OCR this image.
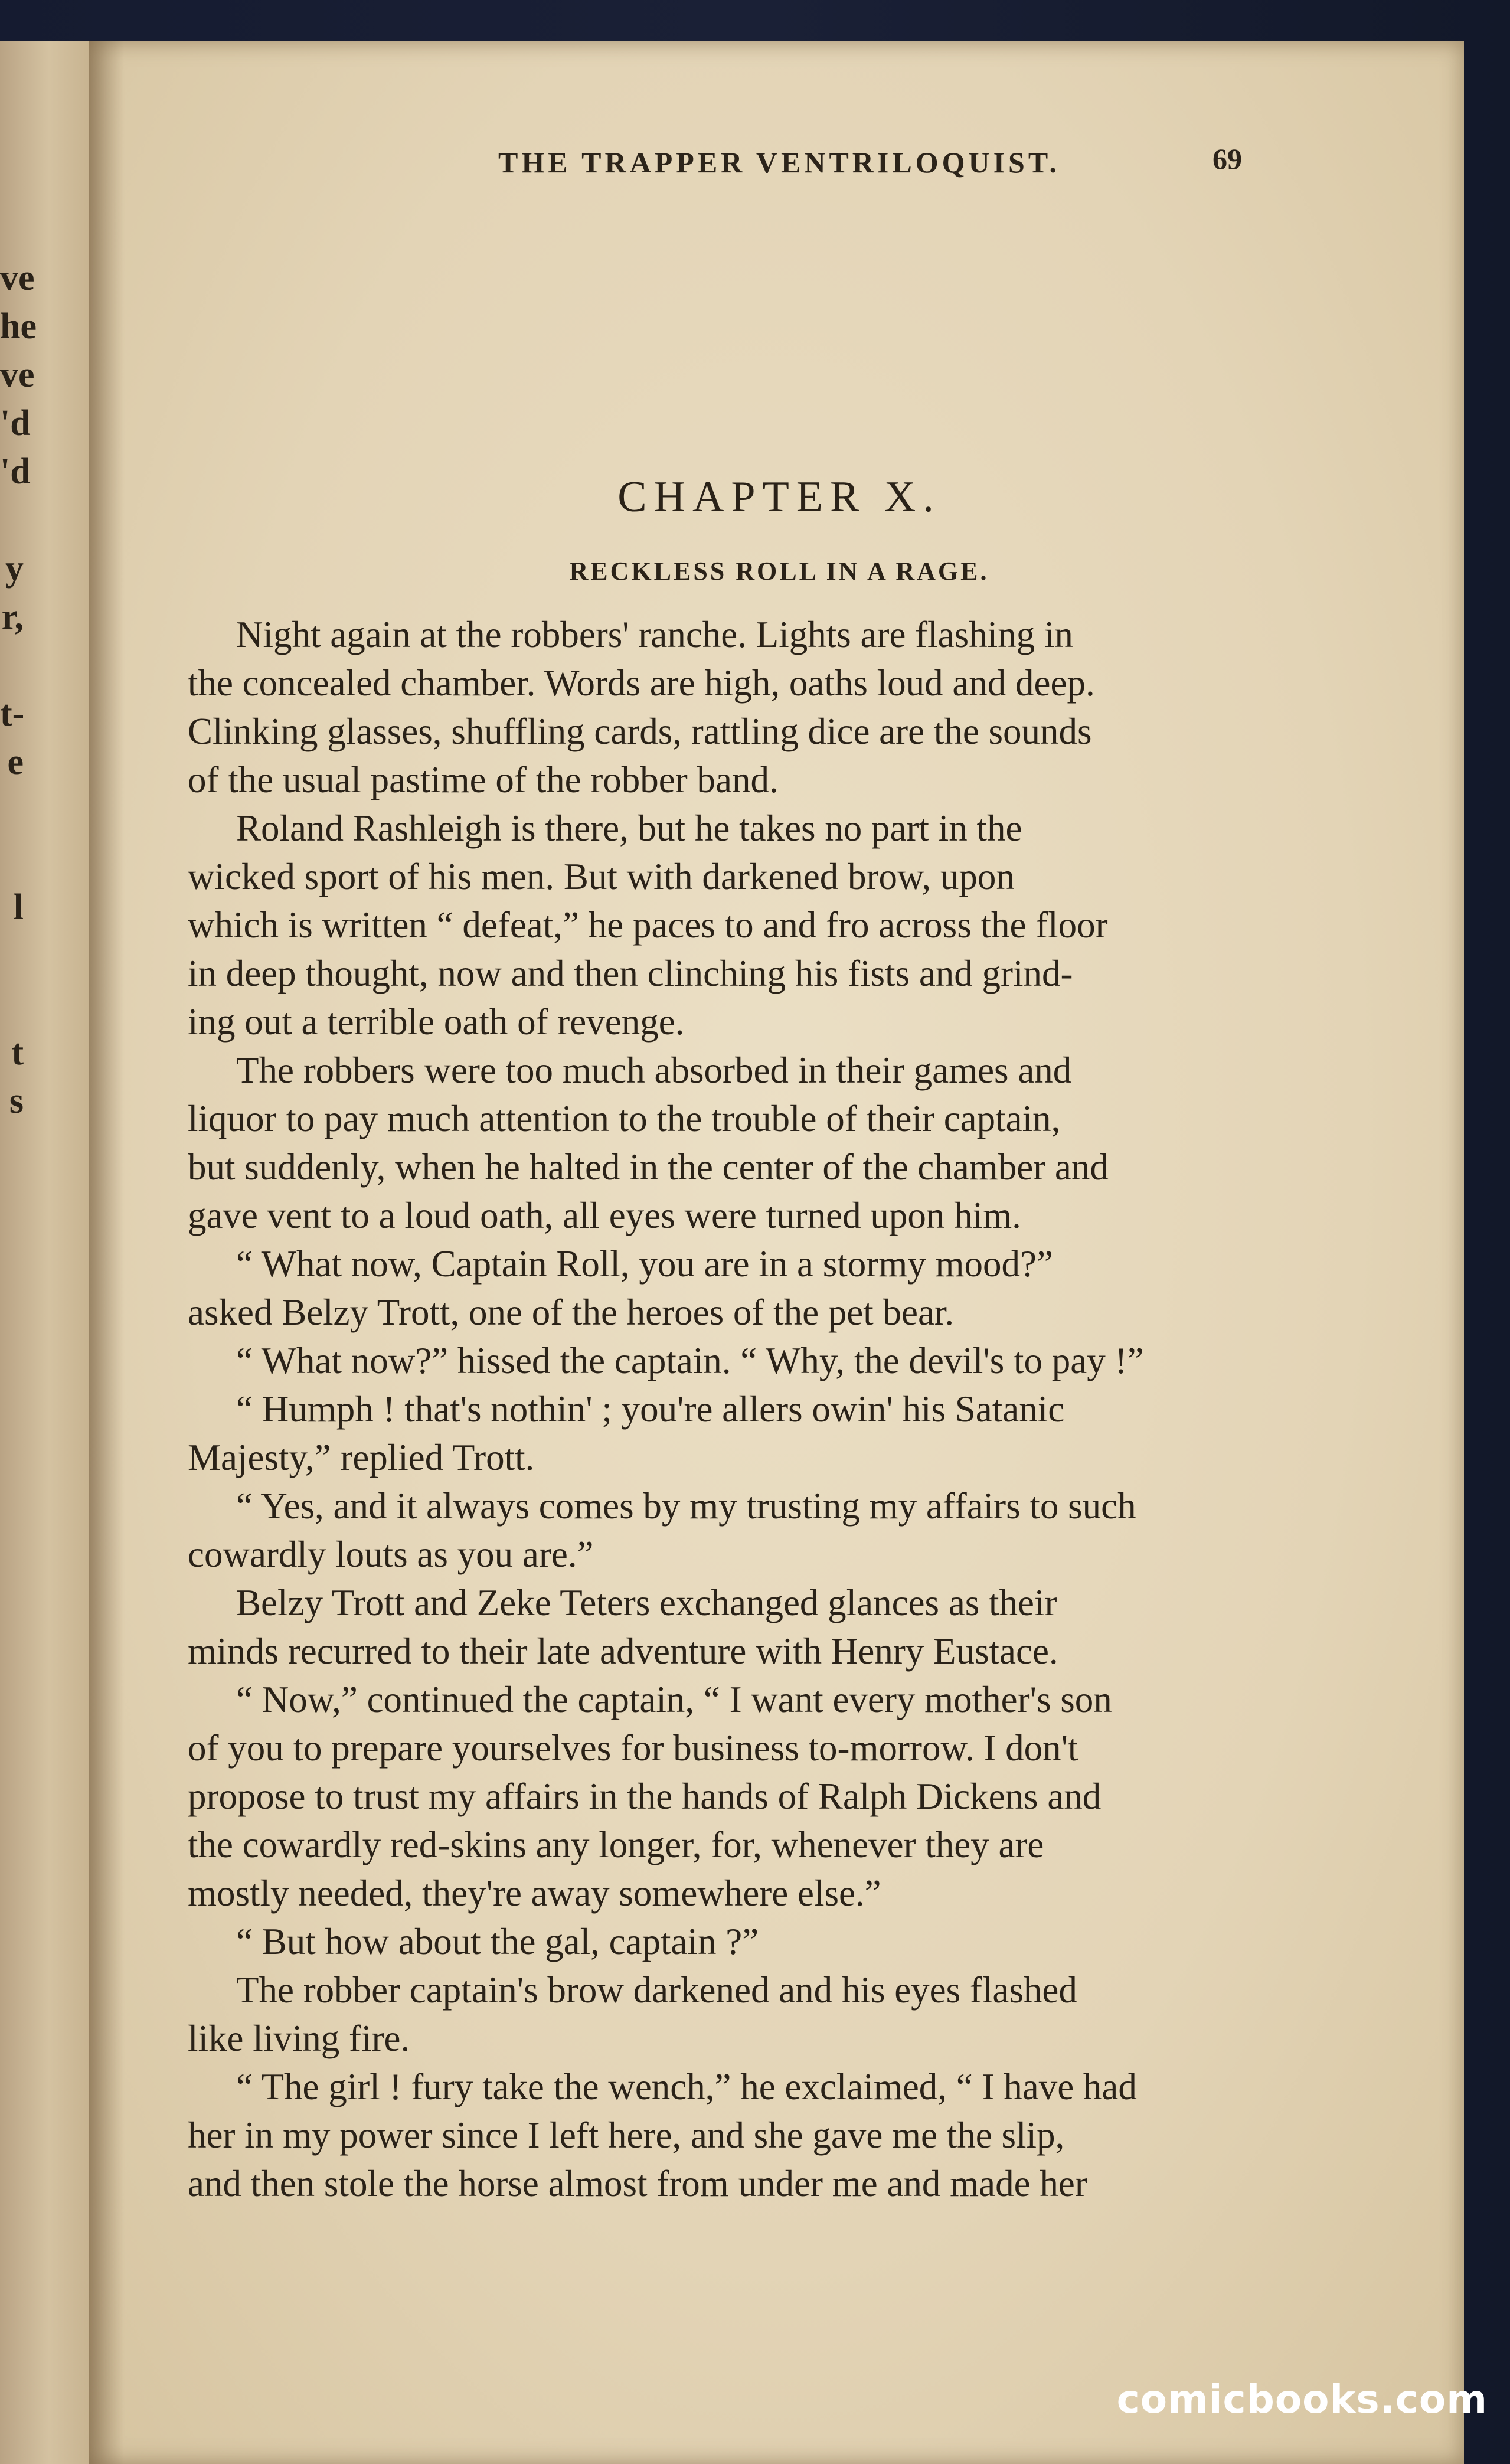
ve
he
ve
'd
'd
y
r,
t-
e
l
t
s
THE TRAPPER VENTRILOQUIST.	69
CHAPTER X.
RECKLESS ROLL IN A RAGE.
Night again at the robbers' ranche. Lights are flashing in
the concealed chamber. Words are high, oaths loud and deep.
Clinking glasses, shuffling cards, rattling dice are the sounds
of the usual pastime of the robber band.
Roland Rashleigh is there, but he takes no part in the
wicked sport of his men. But with darkened brow, upon
which is written “ defeat,” he paces to and fro across the floor
in deep thought, now and then clinching his fists and grind-
ing out a terrible oath of revenge.
The robbers were too much absorbed in their games and
liquor to pay much attention to the trouble of their captain,
but suddenly, when he halted in the center of the chamber and
gave vent to a loud oath, all eyes were turned upon him.
“ What now, Captain Roll, you are in a stormy mood?”
asked Belzy Trott, one of the heroes of the pet bear.
“ What now?” hissed the captain. “ Why, the devil's to pay !”
“ Humph ! that's nothin' ; you're allers owin' his Satanic
Majesty,” replied Trott.
“ Yes, and it always comes by my trusting my affairs to such
cowardly louts as you are.”
Belzy Trott and Zeke Teters exchanged glances as their
minds recurred to their late adventure with Henry Eustace.
“ Now,” continued the captain, “ I want every mother's son
of you to prepare yourselves for business to-morrow. I don't
propose to trust my affairs in the hands of Ralph Dickens and
the cowardly red-skins any longer, for, whenever they are
mostly needed, they're away somewhere else.”
“ But how about the gal, captain ?”
The robber captain's brow darkened and his eyes flashed
like living fire.
“ The girl ! fury take the wench,” he exclaimed, “ I have had
her in my power since I left here, and she gave me the slip,
and then stole the horse almost from under me and made her
comicbooks.com
